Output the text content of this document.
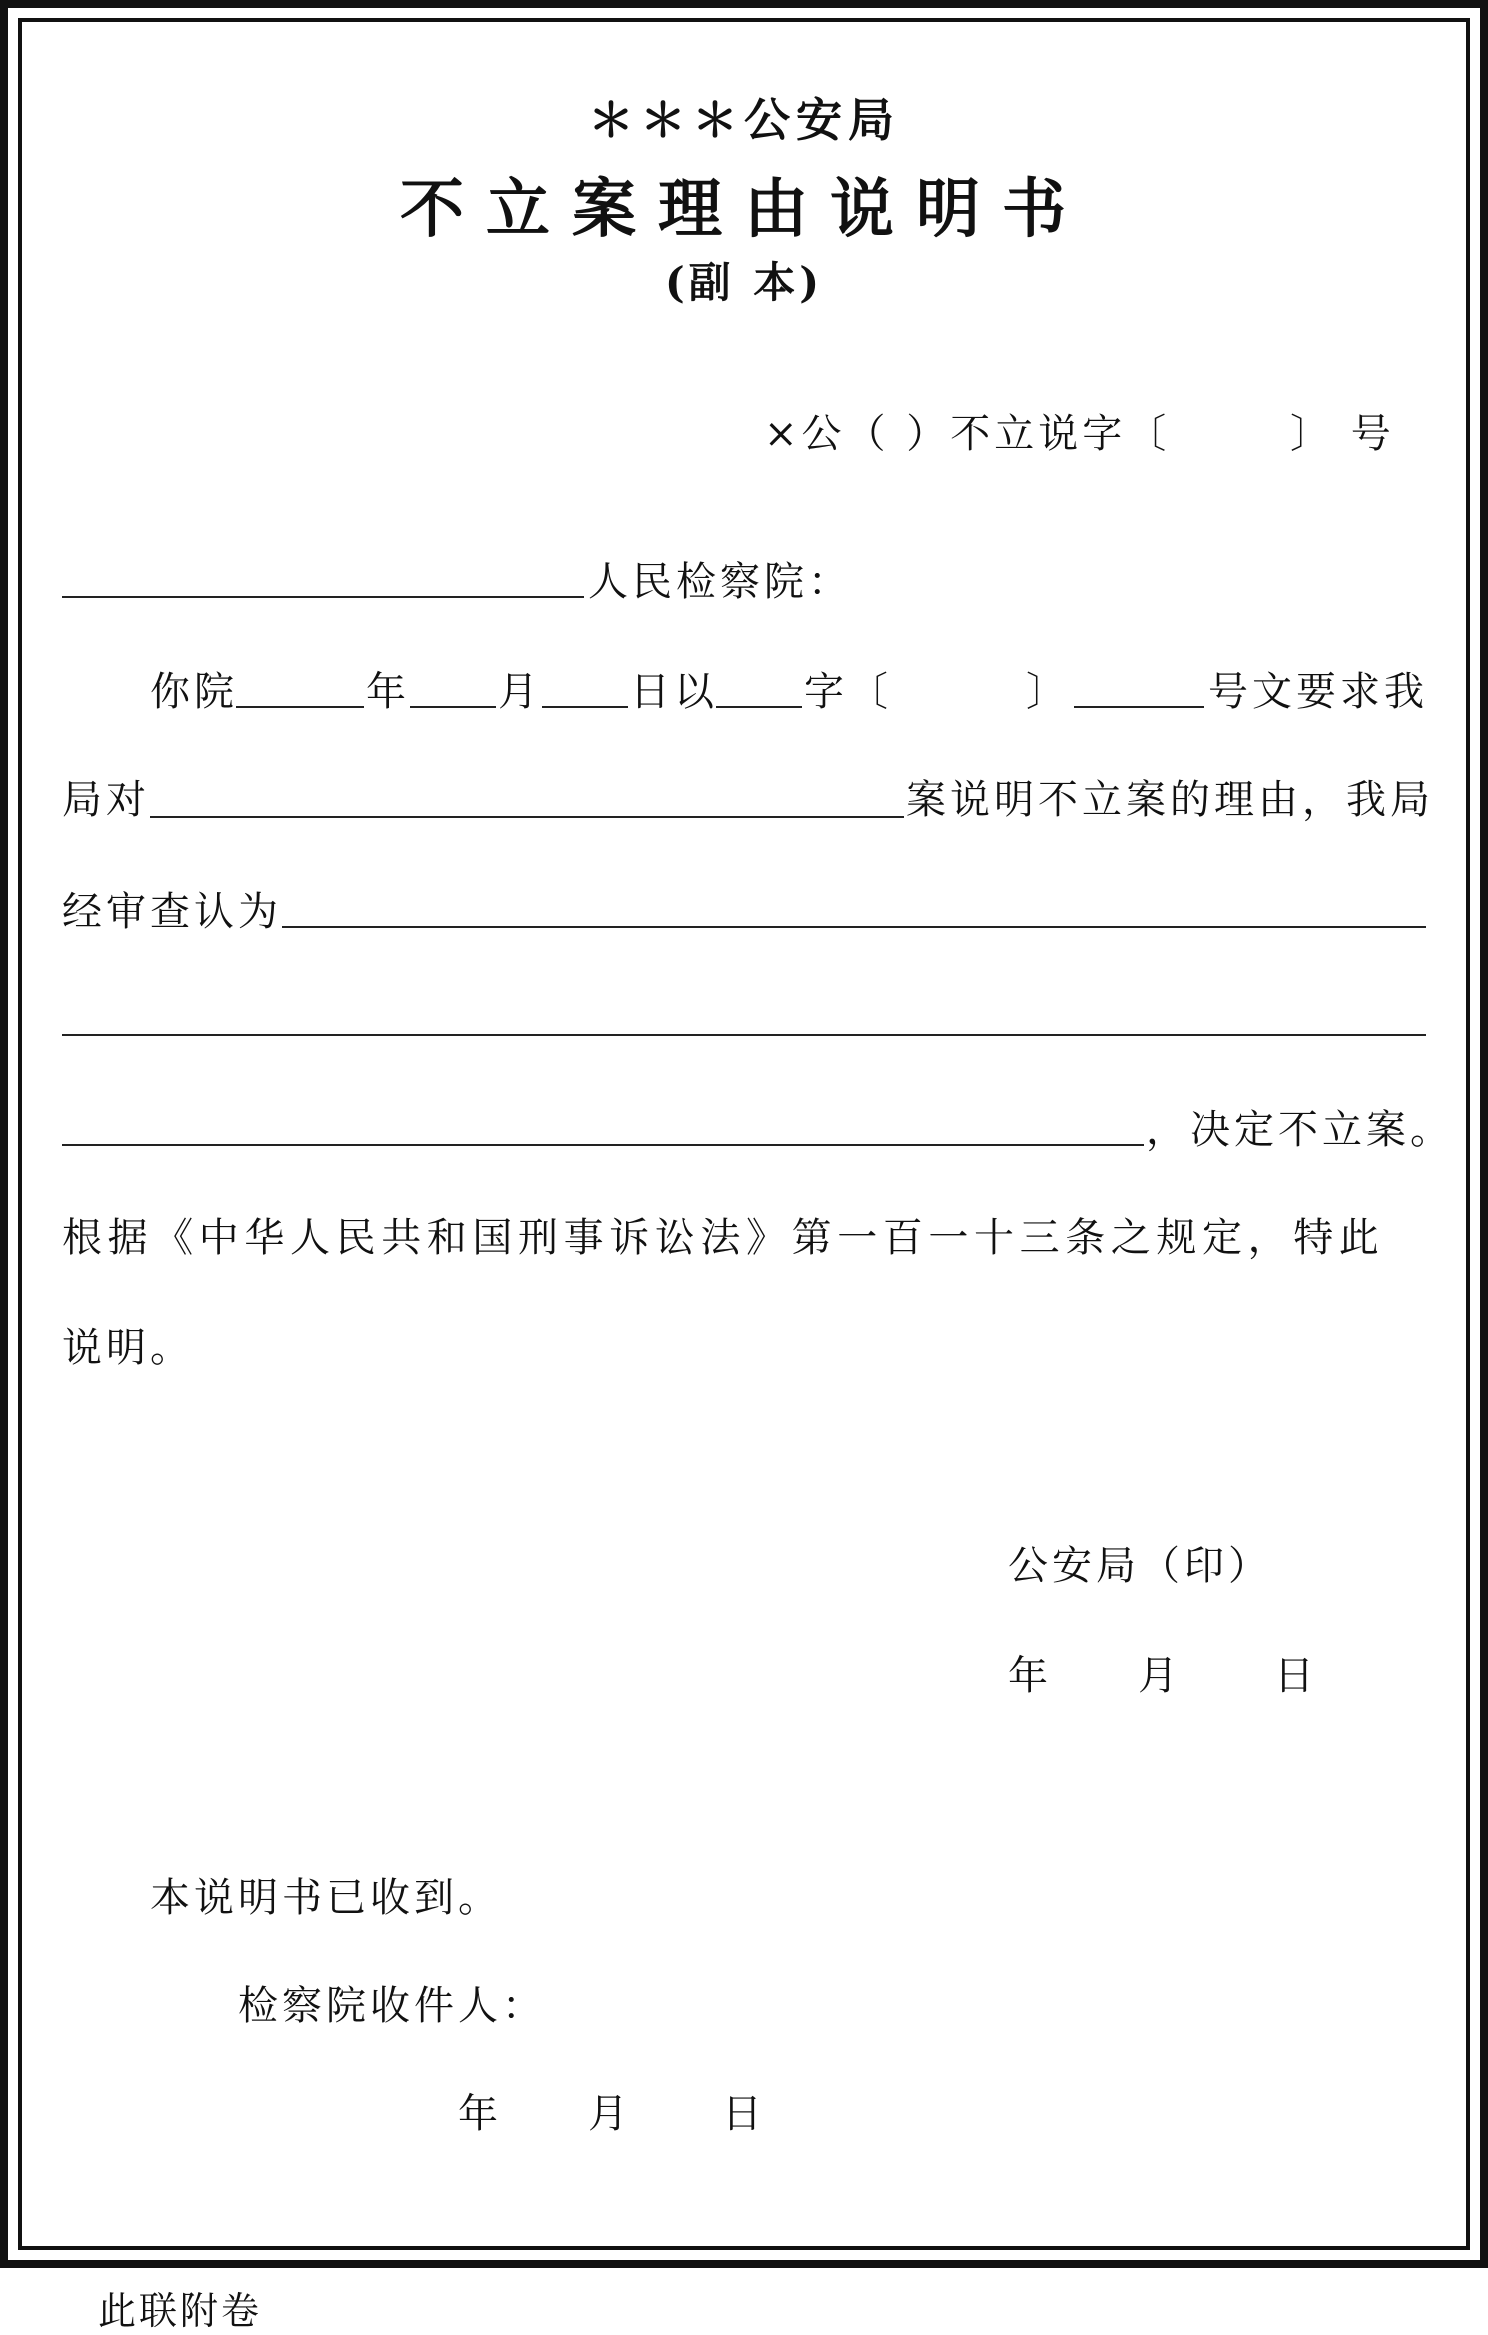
＊＊＊公安局
不立案理由说明书
(副 本)
×公（ ）不立说字〔	〕 号
人民检察院：
你院	年 月 日以 字〔	〕	号文要求我
局对	案说明不立案的理由，我局
经审查认为
，决定不立案。
根据《中华人民共和国刑事诉讼法》第一百一十三条之规定，特此
说明。
公安局（印）
年 月 日
本说明书已收到。
检察院收件人：
年 月 日
此联附卷
